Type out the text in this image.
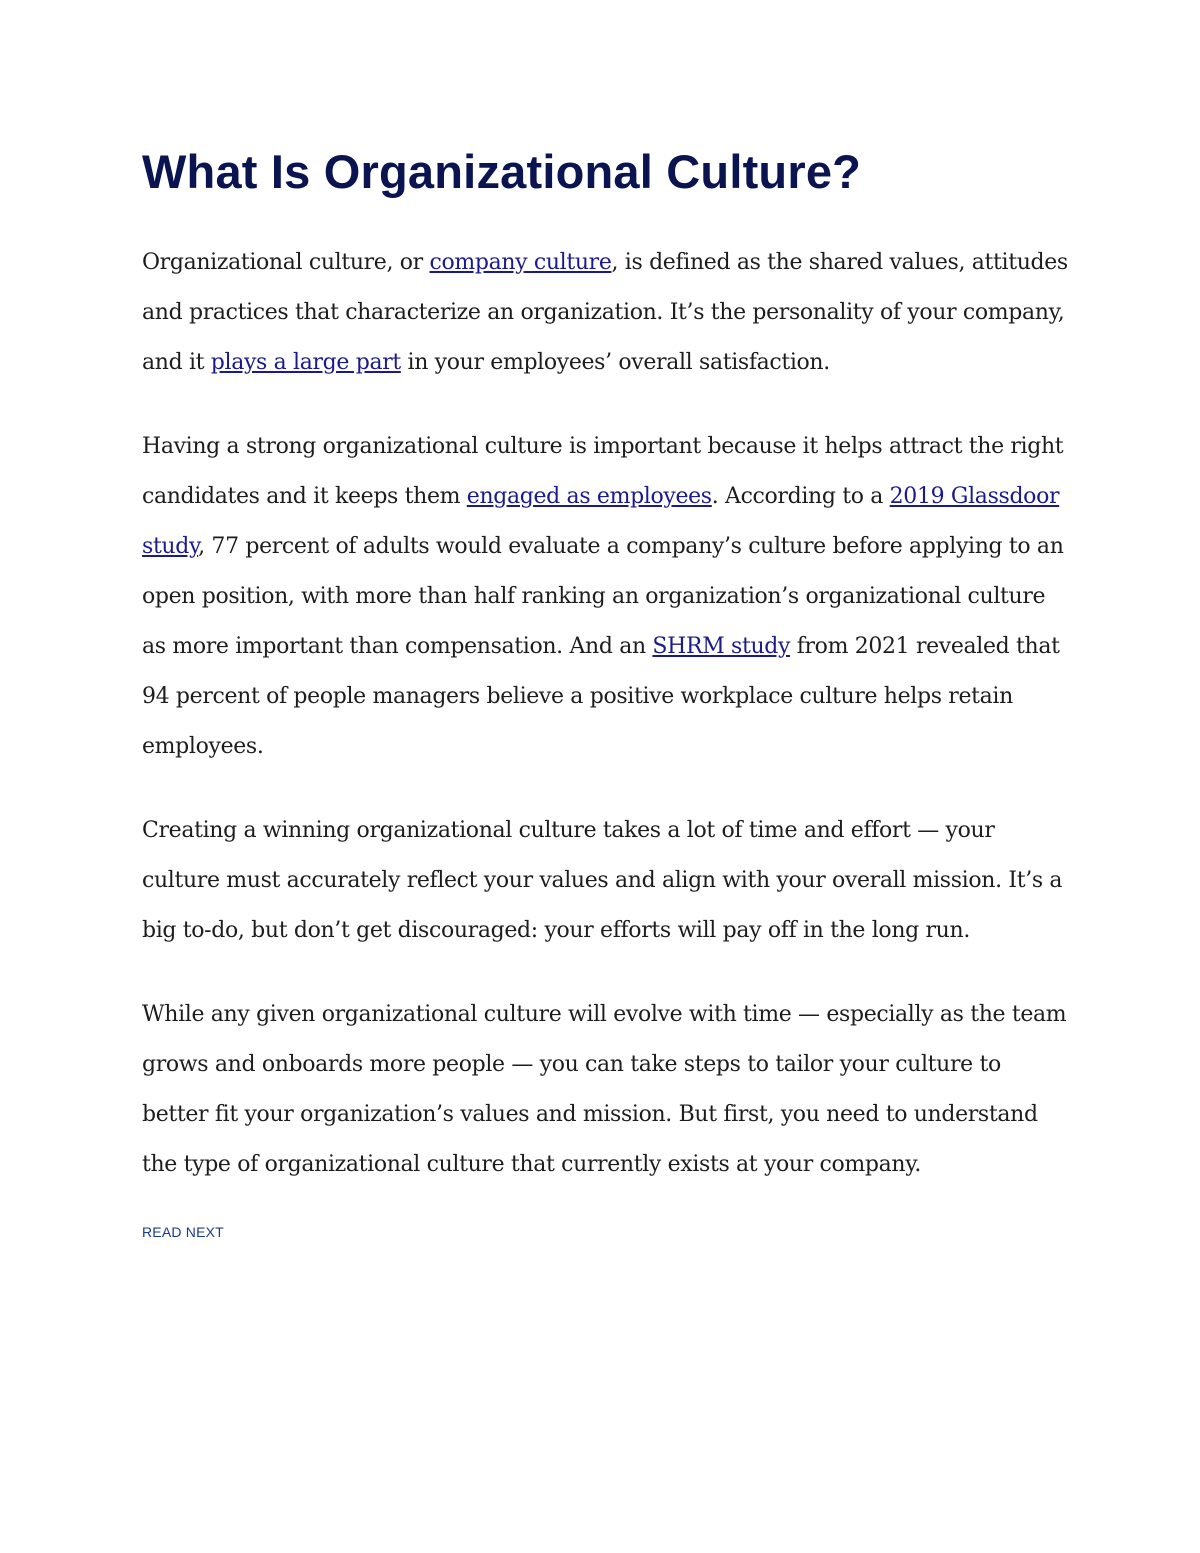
What Is Organizational Culture?

Organizational culture, or company culture, is defined as the shared values, attitudes and practices that characterize an organization. It’s the personality of your company, and it plays a large part in your employees’ overall satisfaction.

Having a strong organizational culture is important because it helps attract the right candidates and it keeps them engaged as employees. According to a 2019 Glassdoor study, 77 percent of adults would evaluate a company’s culture before applying to an open position, with more than half ranking an organization’s organizational culture as more important than compensation. And an SHRM study from 2021 revealed that 94 percent of people managers believe a positive workplace culture helps retain employees.

Creating a winning organizational culture takes a lot of time and effort — your culture must accurately reflect your values and align with your overall mission. It’s a big to-do, but don’t get discouraged: your efforts will pay off in the long run.

While any given organizational culture will evolve with time — especially as the team grows and onboards more people — you can take steps to tailor your culture to better fit your organization’s values and mission. But first, you need to understand the type of organizational culture that currently exists at your company.

READ NEXT
